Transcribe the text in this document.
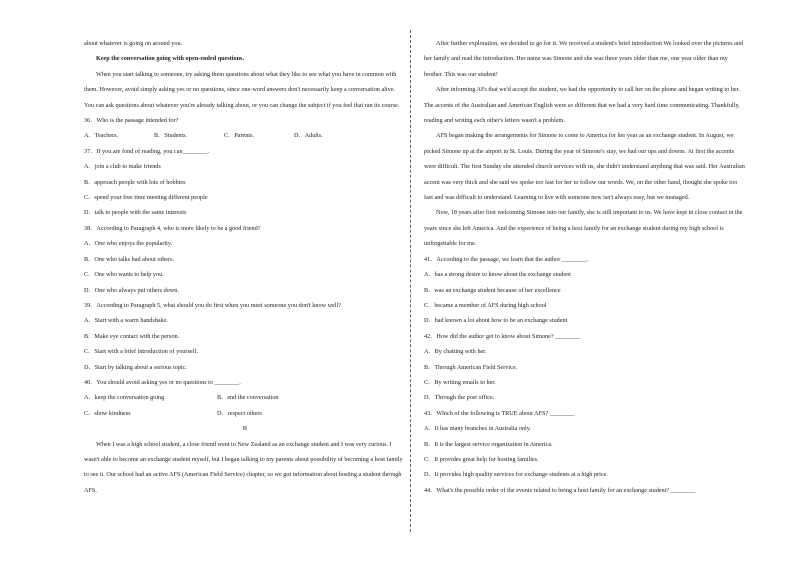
about whatever is going on around you.

Keep the conversation going with open-ended questions.

When you start talking to someone, try asking them questions about what they like to see what you have in common with them. However, avoid simply asking yes or no questions, since one-word answers don't necessarily keep a conversation alive. You can ask questions about whatever you're already talking about, or you can change the subject if you feel that ran its course.

36．Who is the passage intended for?

A．Teachers.	B．Students.	C．Parents.	D．Adults.

37．If you are fond of reading, you can________.

A．join a club to make friends

B．approach people with lots of hobbies

C．spend your free time meeting different people

D．talk to people with the same interests

38．According to Paragraph 4, who is more likely to be a good friend?

A．One who enjoys the popularity.

B．One who talks bad about others.

C．One who wants to help you.

D．One who always put others down.

39．According to Paragraph 5, what should you do first when you meet someone you don't know well?

A．Start with a warm handshake.

B．Make eye contact with the person.

C．Start with a brief introduction of yourself.

D．Start by talking about a serious topic.

40．You should avoid asking yes or no questions to ________.

A．keep the conversation going	B．end the conversation
C．show kindness	D．respect others

B

When I was a high school student, a close friend went to New Zealand as an exchange student and I was very curious. I wasn't able to become an exchange student myself, but I began talking to my parents about possibility of becoming a host family to see it. Our school had an active AFS (American Field Service) chapter, so we got information about hosting a student through AFS.

After further exploration, we decided to go for it. We received a student's brief introduction We looked over the pictures and her family and read the introduction. Her name was Simone and she was three years older than me, one year older than my brother. This was our student!

After informing AFs that we'd accept the student, we had the opportunity to call her on the phone and began writing to her. The accents of the Australian and American English were so different that we had a very hard time communicating. Thankfully, reading and writing each other's letters wasn't a problem.

AFS began making the arrangements for Simone to come to America for her year as an exchange student. In August, we picked Simone up at the airport in St. Louis. During the year of Simone's stay, we had our ups and downs. At first the accents were difficult. The first Sunday she attended church services with us, she didn't understand anything that was said. Her Australian accent was very thick and she said we spoke too fast for her to follow our words. We, on the other hand, thought she spoke too fast and was difficult to understand. Learning to live with someone new isn't always easy, but we managed.

Now, 18 years after first welcoming Simone into our family, she is still important to us. We have kept in close contact in the years since she left America. And the experience of being a host family for an exchange student during my high school is unforgettable for me.

41．According to the passage, we learn that the author ________.

A．has a strong desire to know about the exchange student

B．was an exchange student because of her excellence

C．became a member of AFS during high school

D．had known a lot about how to be an exchange student

42．How did the author get to know about Simone? ________

A．By chatting with her.

B．Through American Field Service.

C．By writing emails to her.

D．Through the post office.

43．Which of the following is TRUE about AFS? ________

A．It has many branches in Australia only.

B．It is the largest service organization in America.

C．It provides great help for hosting families.

D．It provides high quality services for exchange students at a high price.

44．What's the possible order of the events related to being a host family for an exchange student? ________
